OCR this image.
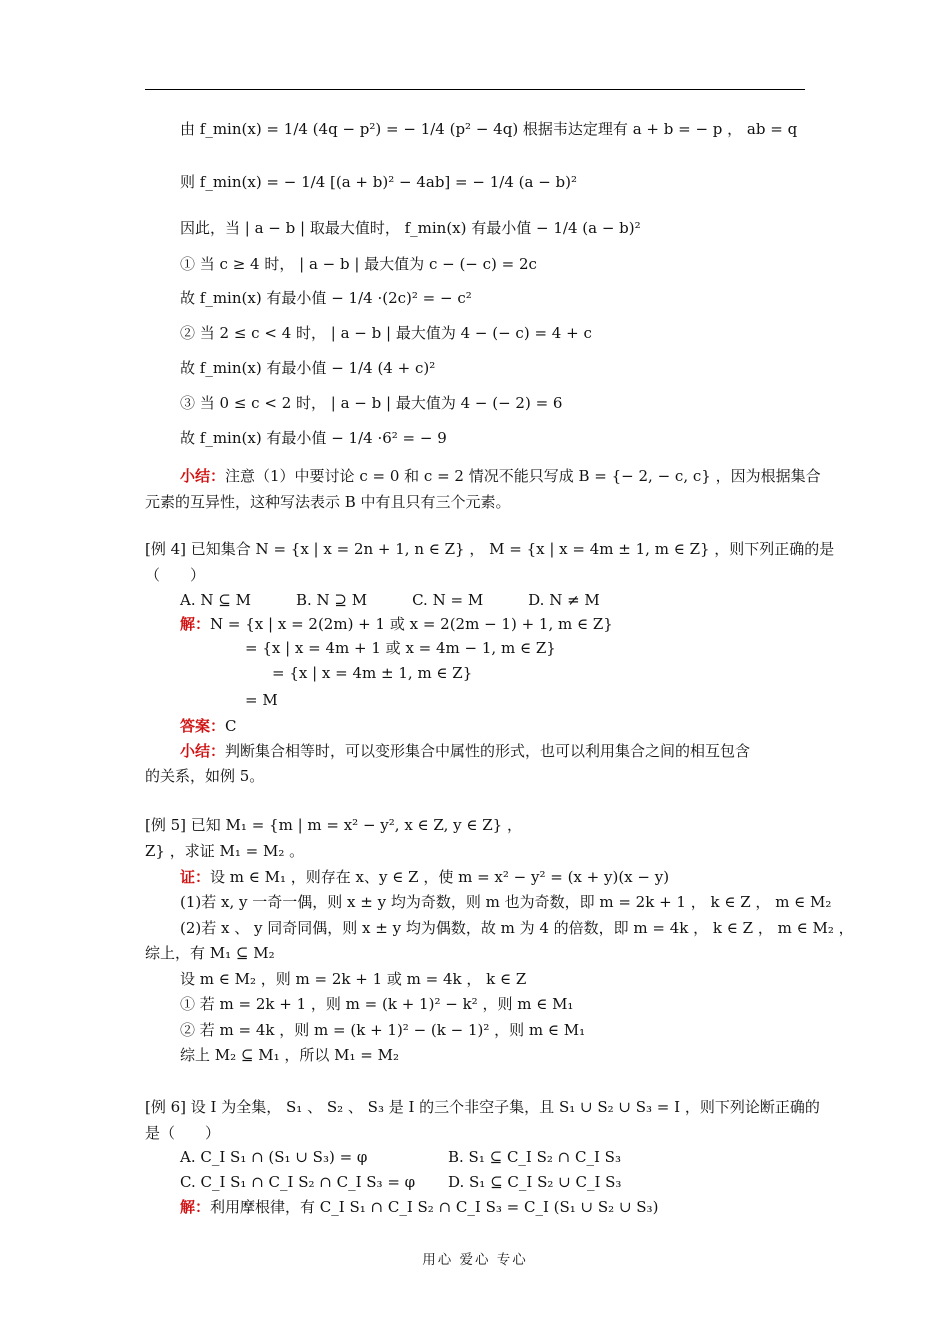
由 f_min(x) = 1/4 (4q − p²) = − 1/4 (p² − 4q) 根据韦达定理有 a + b = − p ， ab = q
则 f_min(x) = − 1/4 [(a + b)² − 4ab] = − 1/4 (a − b)²
因此，当 | a − b | 取最大值时， f_min(x) 有最小值 − 1/4 (a − b)²
① 当 c ≥ 4 时， | a − b | 最大值为 c − (− c) = 2c
故 f_min(x) 有最小值 − 1/4 ·(2c)² = − c²
② 当 2 ≤ c < 4 时， | a − b | 最大值为 4 − (− c) = 4 + c
故 f_min(x) 有最小值 − 1/4 (4 + c)²
③ 当 0 ≤ c < 2 时， | a − b | 最大值为 4 − (− 2) = 6
故 f_min(x) 有最小值 − 1/4 ·6² = − 9
小结：注意（1）中要讨论 c = 0 和 c = 2 情况不能只写成 B = {− 2, − c, c} ，因为根据集合
元素的互异性，这种写法表示 B 中有且只有三个元素。
[例 4] 已知集合 N = {x | x = 2n + 1, n ∈ Z} ， M = {x | x = 4m ± 1, m ∈ Z} ，则下列正确的是
（　　）
A. N ⊆ M　　　B. N ⊇ M　　　C. N = M　　　D. N ≠ M
解：N = {x | x = 2(2m) + 1 或 x = 2(2m − 1) + 1, m ∈ Z}
= {x | x = 4m + 1 或 x = 4m − 1, m ∈ Z}
= {x | x = 4m ± 1, m ∈ Z}
= M
答案：C
小结：判断集合相等时，可以变形集合中属性的形式，也可以利用集合之间的相互包含
的关系，如例 5。
[例 5] 已知 M₁ = {m | m = x² − y², x ∈ Z, y ∈ Z} ，
Z} ，求证 M₁ = M₂ 。
证：设 m ∈ M₁ ，则存在 x、y ∈ Z ，使 m = x² − y² = (x + y)(x − y)
(1)若 x, y 一奇一偶，则 x ± y 均为奇数，则 m 也为奇数，即 m = 2k + 1 ， k ∈ Z ， m ∈ M₂
(2)若 x 、 y 同奇同偶，则 x ± y 均为偶数，故 m 为 4 的倍数，即 m = 4k ， k ∈ Z ， m ∈ M₂ ，
综上，有 M₁ ⊆ M₂
设 m ∈ M₂ ，则 m = 2k + 1 或 m = 4k ， k ∈ Z
① 若 m = 2k + 1 ，则 m = (k + 1)² − k² ，则 m ∈ M₁
② 若 m = 4k ，则 m = (k + 1)² − (k − 1)² ，则 m ∈ M₁
综上 M₂ ⊆ M₁ ，所以 M₁ = M₂
[例 6] 设 I 为全集， S₁ 、 S₂ 、 S₃ 是 I 的三个非空子集，且 S₁ ∪ S₂ ∪ S₃ = I ，则下列论断正确的
是（　　）
A. C_I S₁ ∩ (S₁ ∪ S₃) = φ	B. S₁ ⊆ C_I S₂ ∩ C_I S₃
C. C_I S₁ ∩ C_I S₂ ∩ C_I S₃ = φ D. S₁ ⊆ C_I S₂ ∪ C_I S₃
解：利用摩根律，有 C_I S₁ ∩ C_I S₂ ∩ C_I S₃ = C_I (S₁ ∪ S₂ ∪ S₃)
用心 爱心 专心
